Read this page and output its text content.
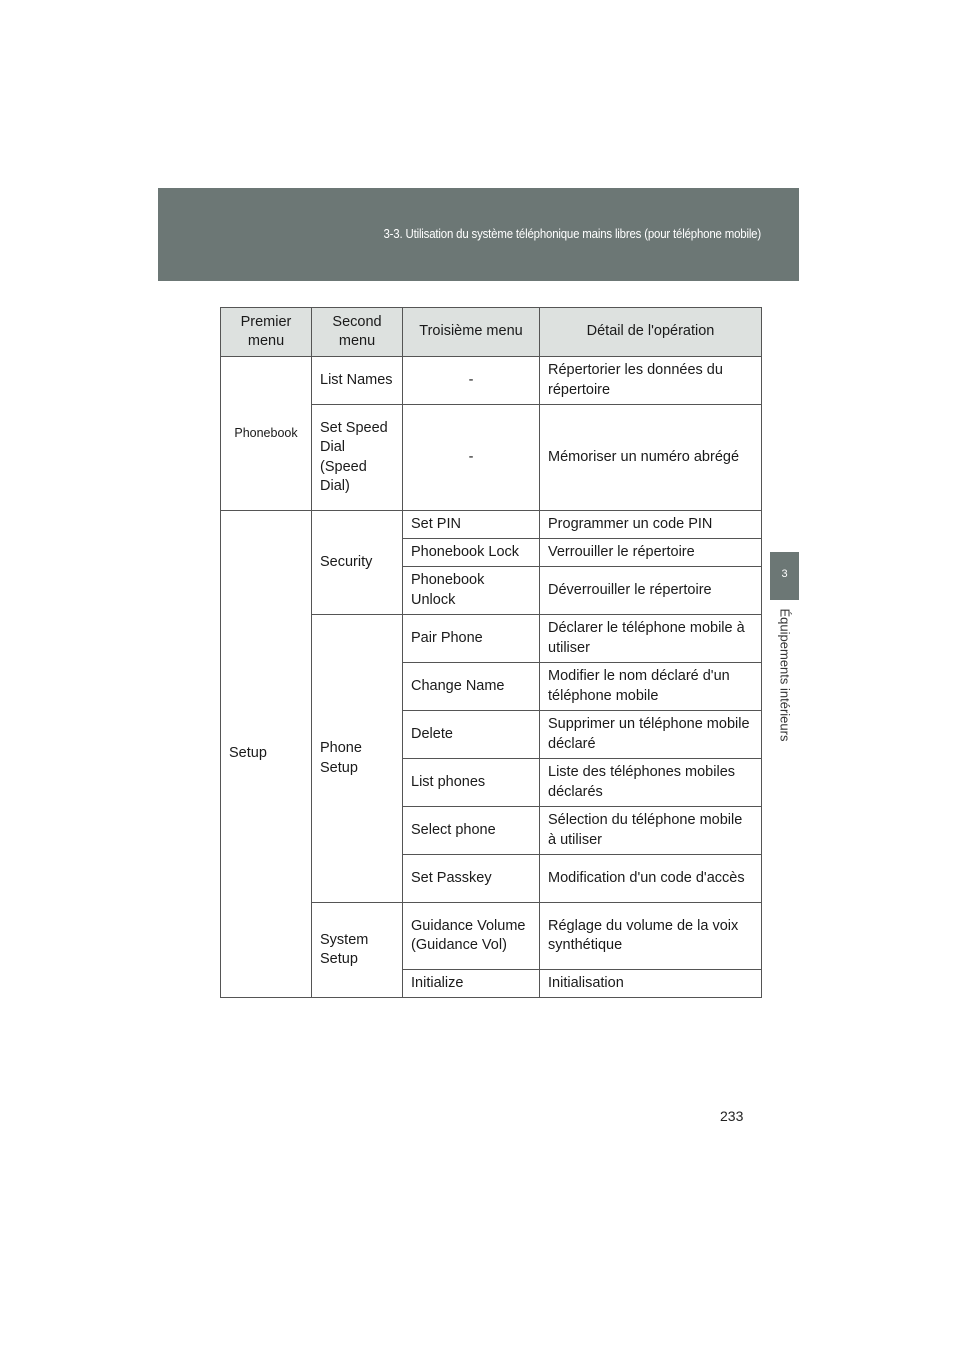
3-3. Utilisation du système téléphonique mains libres (pour téléphone mobile)
3
Équipements intérieurs
Premier menu	Second menu	Troisième menu	Détail de l'opération
Phonebook	List Names	-	Répertorier les données du répertoire
	Set Speed Dial (Speed Dial)	-	Mémoriser un numéro abrégé
Setup	Security	Set PIN	Programmer un code PIN
		Phonebook Lock	Verrouiller le répertoire
		Phonebook Unlock	Déverrouiller le répertoire
	Phone Setup	Pair Phone	Déclarer le téléphone mobile à utiliser
		Change Name	Modifier le nom déclaré d'un téléphone mobile
		Delete	Supprimer un téléphone mobile déclaré
		List phones	Liste des téléphones mobiles déclarés
		Select phone	Sélection du téléphone mobile à utiliser
		Set Passkey	Modification d'un code d'accès
	System Setup	Guidance Volume (Guidance Vol)	Réglage du volume de la voix synthétique
		Initialize	Initialisation
233
